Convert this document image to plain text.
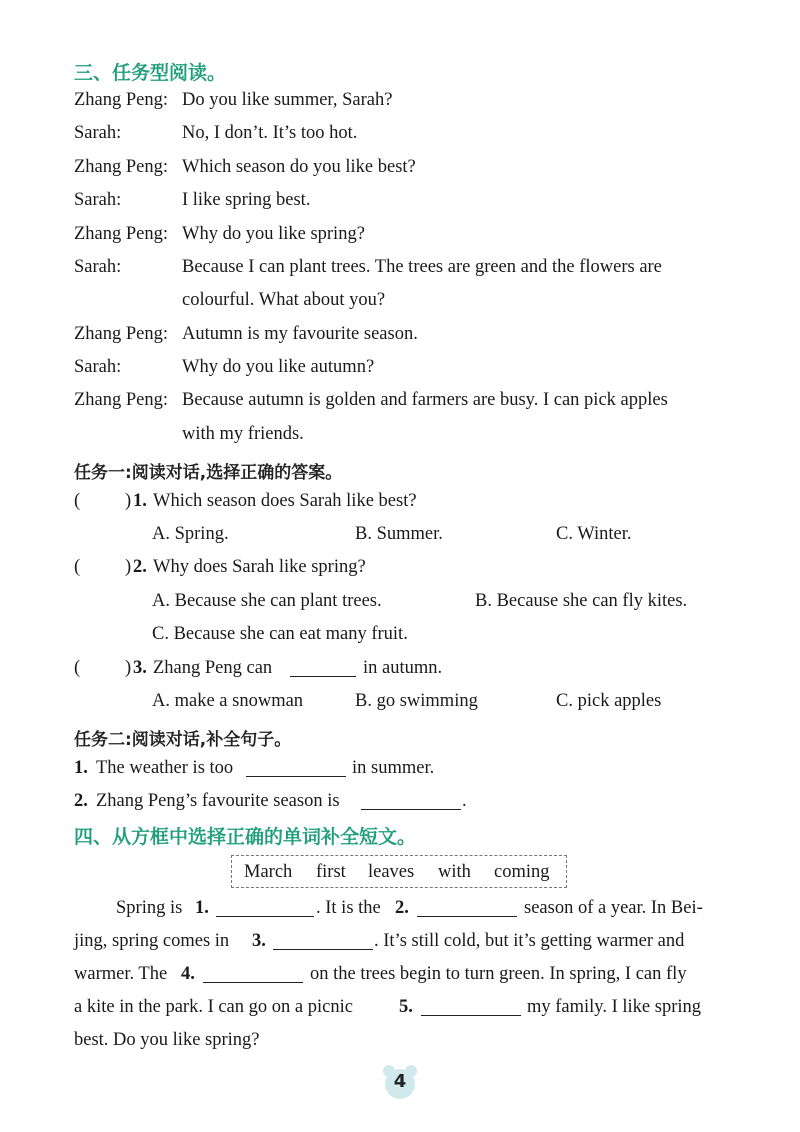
三、任务型阅读。
Zhang Peng: Do you like summer, Sarah?
Sarah:	No, I don’t. It’s too hot.
Zhang Peng: Which season do you like best?
Sarah:	I like spring best.
Zhang Peng: Why do you like spring?
Sarah:	Because I can plant trees. The trees are green and the flowers are
colourful. What about you?
Zhang Peng: Autumn is my favourite season.
Sarah:	Why do you like autumn?
Zhang Peng: Because autumn is golden and farmers are busy. I can pick apples
with my friends.
任务一:阅读对话,选择正确的答案。
( ) 1. Which season does Sarah like best?
A. Spring.	B. Summer.	C. Winter.
( ) 2. Why does Sarah like spring?
A. Because she can plant trees.	B. Because she can fly kites.
C. Because she can eat many fruit.
( ) 3. Zhang Peng can	in autumn.
A. make a snowman	B. go swimming	C. pick apples
任务二:阅读对话,补全句子。
1. The weather is too	in summer.
2. Zhang Peng’s favourite season is	.
四、从方框中选择正确的单词补全短文。
March first leaves with coming
Spring is 1.	. It is the 2.	season of a year. In Bei-
jing, spring comes in 3.	. It’s still cold, but it’s getting warmer and
warmer. The 4.	on the trees begin to turn green. In spring, I can fly
a kite in the park. I can go on a picnic 5.	my family. I like spring
best. Do you like spring?
4
